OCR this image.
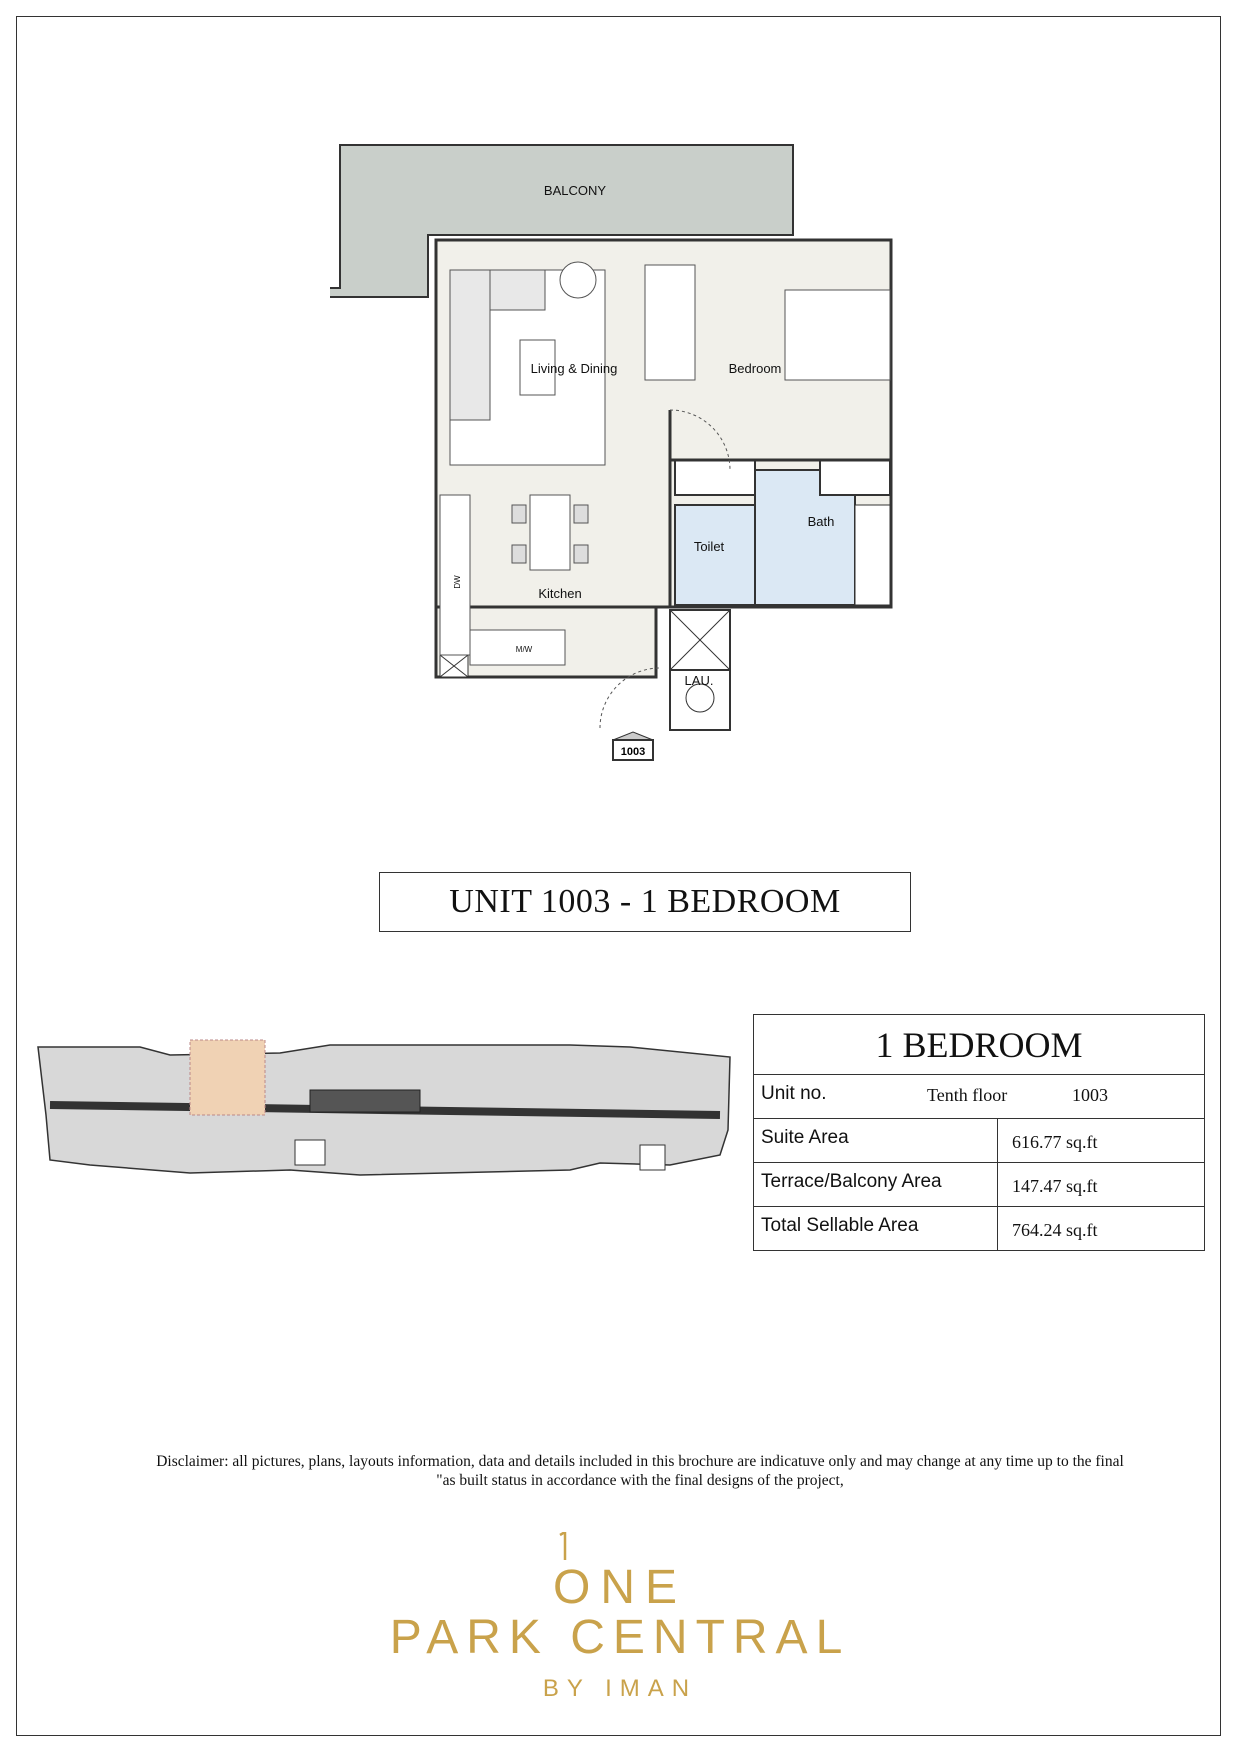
1003
BALCONY
Living & Dining	Bedroom
Bath
Toilet
Kitchen
LAU.
DW
M/W
UNIT 1003 - 1 BEDROOM
1 BEDROOM
Unit no.	Tenth floor	1003
Suite Area	616.77 sq.ft
Terrace/Balcony Area	147.47 sq.ft
Total Sellable Area	764.24 sq.ft
Disclaimer: all pictures, plans, layouts information, data and details included in this brochure are indicatuve only and may change at any time up to the final
"as built status in accordance with the final designs of the project,
ONE
PARK CENTRAL
BY IMAN
